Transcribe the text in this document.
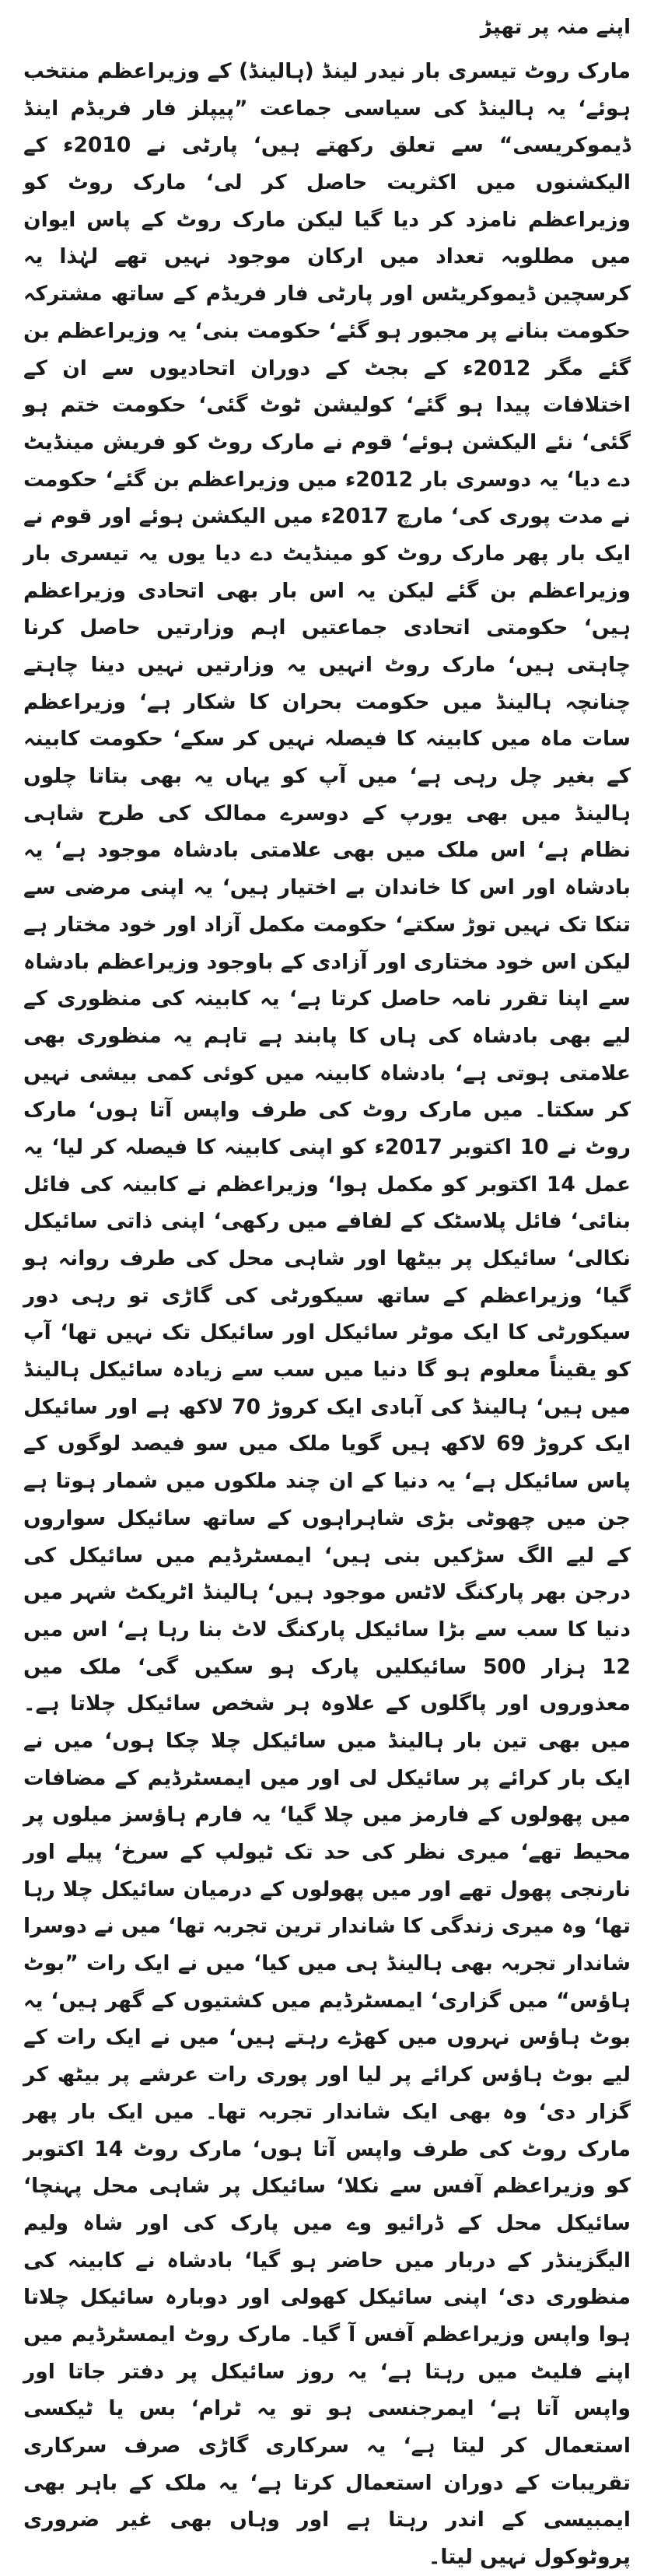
اپنے منہ پر تھپڑ

مارک روٹ تیسری بار نیدر لینڈ (ہالینڈ) کے وزیراعظم منتخب ہوئے‘ یہ ہالینڈ کی سیاسی جماعت ”پیپلز فار فریڈم اینڈ ڈیموکریسی“ سے تعلق رکھتے ہیں‘ پارٹی نے 2010ء کے الیکشنوں میں اکثریت حاصل کر لی‘ مارک روٹ کو وزیراعظم نامزد کر دیا گیا لیکن مارک روٹ کے پاس ایوان میں مطلوبہ تعداد میں ارکان موجود نہیں تھے لہٰذا یہ کرسچین ڈیموکریٹس اور پارٹی فار فریڈم کے ساتھ مشترکہ حکومت بنانے پر مجبور ہو گئے‘ حکومت بنی‘ یہ وزیراعظم بن گئے مگر 2012ء کے بجٹ کے دوران اتحادیوں سے ان کے اختلافات پیدا ہو گئے‘ کولیشن ٹوٹ گئی‘ حکومت ختم ہو گئی‘ نئے الیکشن ہوئے‘ قوم نے مارک روٹ کو فریش مینڈیٹ دے دیا‘ یہ دوسری بار 2012ء میں وزیراعظم بن گئے‘ حکومت نے مدت پوری کی‘ مارچ 2017ء میں الیکشن ہوئے اور قوم نے ایک بار پھر مارک روٹ کو مینڈیٹ دے دیا یوں یہ تیسری بار وزیراعظم بن گئے لیکن یہ اس بار بھی اتحادی وزیراعظم ہیں‘ حکومتی اتحادی جماعتیں اہم وزارتیں حاصل کرنا چاہتی ہیں‘ مارک روٹ انہیں یہ وزارتیں نہیں دینا چاہتے چنانچہ ہالینڈ میں حکومت بحران کا شکار ہے‘ وزیراعظم سات ماہ میں کابینہ کا فیصلہ نہیں کر سکے‘ حکومت کابینہ کے بغیر چل رہی ہے‘ میں آپ کو یہاں یہ بھی بتاتا چلوں ہالینڈ میں بھی یورپ کے دوسرے ممالک کی طرح شاہی نظام ہے‘ اس ملک میں بھی علامتی بادشاہ موجود ہے‘ یہ بادشاہ اور اس کا خاندان بے اختیار ہیں‘ یہ اپنی مرضی سے تنکا تک نہیں توڑ سکتے‘ حکومت مکمل آزاد اور خود مختار ہے لیکن اس خود مختاری اور آزادی کے باوجود وزیراعظم بادشاہ سے اپنا تقرر نامہ حاصل کرتا ہے‘ یہ کابینہ کی منظوری کے لیے بھی بادشاہ کی ہاں کا پابند ہے تاہم یہ منظوری بھی علامتی ہوتی ہے‘ بادشاہ کابینہ میں کوئی کمی بیشی نہیں کر سکتا۔ میں مارک روٹ کی طرف واپس آتا ہوں‘ مارک روٹ نے 10 اکتوبر 2017ء کو اپنی کابینہ کا فیصلہ کر لیا‘ یہ عمل 14 اکتوبر کو مکمل ہوا‘ وزیراعظم نے کابینہ کی فائل بنائی‘ فائل پلاسٹک کے لفافے میں رکھی‘ اپنی ذاتی سائیکل نکالی‘ سائیکل پر بیٹھا اور شاہی محل کی طرف روانہ ہو گیا‘ وزیراعظم کے ساتھ سیکورٹی کی گاڑی تو رہی دور سیکورٹی کا ایک موٹر سائیکل اور سائیکل تک نہیں تھا‘ آپ کو یقیناً معلوم ہو گا دنیا میں سب سے زیادہ سائیکل ہالینڈ میں ہیں‘ ہالینڈ کی آبادی ایک کروڑ 70 لاکھ ہے اور سائیکل ایک کروڑ 69 لاکھ ہیں گویا ملک میں سو فیصد لوگوں کے پاس سائیکل ہے‘ یہ دنیا کے ان چند ملکوں میں شمار ہوتا ہے جن میں چھوٹی بڑی شاہراہوں کے ساتھ سائیکل سواروں کے لیے الگ سڑکیں بنی ہیں‘ ایمسٹرڈیم میں سائیکل کی درجن بھر پارکنگ لاٹس موجود ہیں‘ ہالینڈ اٹریکٹ شہر میں دنیا کا سب سے بڑا سائیکل پارکنگ لاٹ بنا رہا ہے‘ اس میں 12 ہزار 500 سائیکلیں پارک ہو سکیں گی‘ ملک میں معذوروں اور پاگلوں کے علاوہ ہر شخص سائیکل چلاتا ہے۔ میں بھی تین بار ہالینڈ میں سائیکل چلا چکا ہوں‘ میں نے ایک بار کرائے پر سائیکل لی اور میں ایمسٹرڈیم کے مضافات میں پھولوں کے فارمز میں چلا گیا‘ یہ فارم ہاؤسز میلوں پر محیط تھے‘ میری نظر کی حد تک ٹیولپ کے سرخ‘ پیلے اور نارنجی پھول تھے اور میں پھولوں کے درمیان سائیکل چلا رہا تھا‘ وہ میری زندگی کا شاندار ترین تجربہ تھا‘ میں نے دوسرا شاندار تجربہ بھی ہالینڈ ہی میں کیا‘ میں نے ایک رات ”بوٹ ہاؤس“ میں گزاری‘ ایمسٹرڈیم میں کشتیوں کے گھر ہیں‘ یہ بوٹ ہاؤس نہروں میں کھڑے رہتے ہیں‘ میں نے ایک رات کے لیے بوٹ ہاؤس کرائے پر لیا اور پوری رات عرشے پر بیٹھ کر گزار دی‘ وہ بھی ایک شاندار تجربہ تھا۔ میں ایک بار پھر مارک روٹ کی طرف واپس آتا ہوں‘ مارک روٹ 14 اکتوبر کو وزیراعظم آفس سے نکلا‘ سائیکل پر شاہی محل پہنچا‘ سائیکل محل کے ڈرائیو وے میں پارک کی اور شاہ ولیم الیگزینڈر کے دربار میں حاضر ہو گیا‘ بادشاہ نے کابینہ کی منظوری دی‘ اپنی سائیکل کھولی اور دوبارہ سائیکل چلاتا ہوا واپس وزیراعظم آفس آ گیا۔ مارک روٹ ایمسٹرڈیم میں اپنے فلیٹ میں رہتا ہے‘ یہ روز سائیکل پر دفتر جاتا اور واپس آتا ہے‘ ایمرجنسی ہو تو یہ ٹرام‘ بس یا ٹیکسی استعمال کر لیتا ہے‘ یہ سرکاری گاڑی صرف سرکاری تقریبات کے دوران استعمال کرتا ہے‘ یہ ملک کے باہر بھی ایمبیسی کے اندر رہتا ہے اور وہاں بھی غیر ضروری پروٹوکول نہیں لیتا۔
